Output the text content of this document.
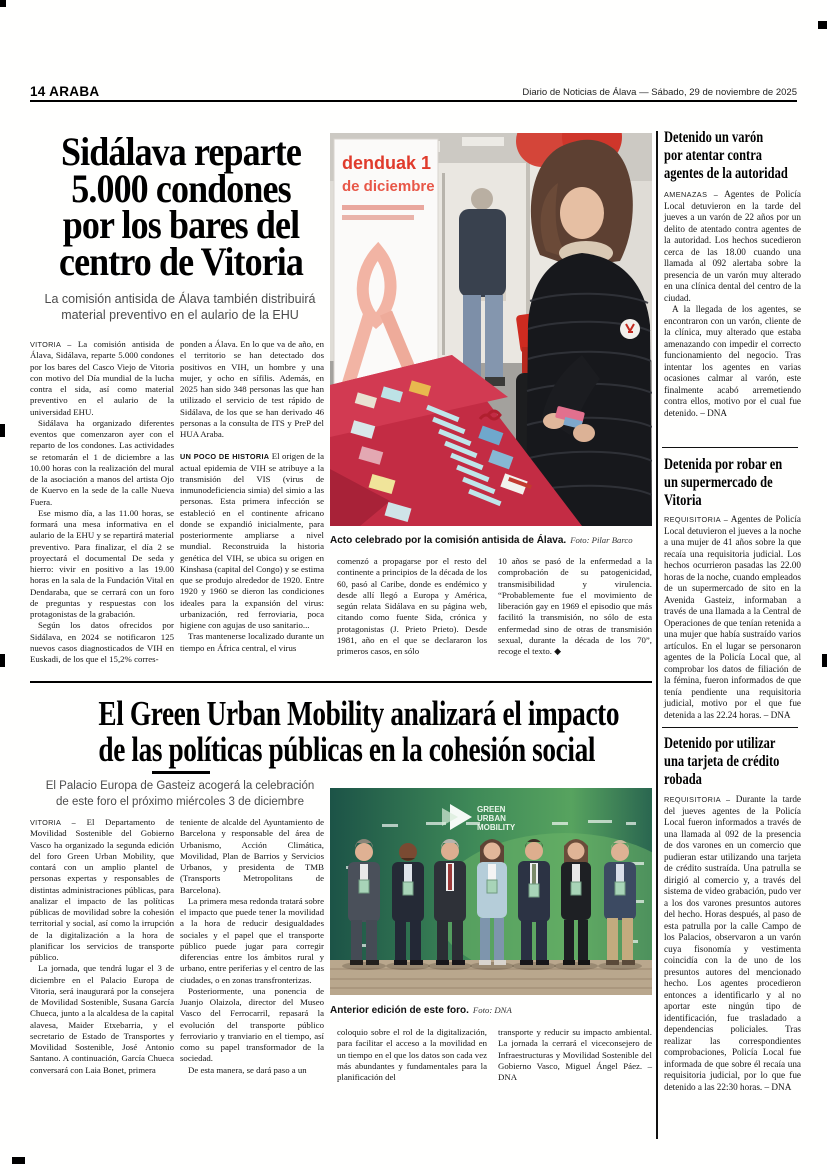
14 ARABA	Diario de Noticias de Álava — Sábado, 29 de noviembre de 2025
Sidálava reparte
5.000 condones
por los bares del
centro de Vitoria
La comisión antisida de Álava también distribuirá
material preventivo en el aulario de la EHU

VITORIA – La comisión antisida de Álava, Sidálava, reparte 5.000 condones por los bares del Casco Viejo de Vitoria con motivo del Día mundial de la lucha contra el sida, así como material preventivo en el aulario de la universidad EHU.

Sidálava ha organizado diferentes eventos que comenzaron ayer con el reparto de los condones. Las actividades se retomarán el 1 de diciembre a las 10.00 horas con la realización del mural de la asociación a manos del artista Ojo de Kuervo en la sede de la calle Nueva Fuera.

Ese mismo día, a las 11.00 horas, se formará una mesa informativa en el aulario de la EHU y se repartirá material preventivo. Para finalizar, el día 2 se proyectará el documental De seda y hierro: vivir en positivo a las 19.00 horas en la sala de la Fundación Vital en Dendaraba, que se cerrará con un foro de preguntas y respuestas con los protagonistas de la grabación.

Según los datos ofrecidos por Sidálava, en 2024 se notificaron 125 nuevos casos diagnosticados de VIH en Euskadi, de los que el 15,2% corres-

ponden a Álava. En lo que va de año, en el territorio se han detectado dos positivos en VIH, un hombre y una mujer, y ocho en sífilis. Además, en 2025 han sido 348 personas las que han utilizado el servicio de test rápido de Sidálava, de los que se han derivado 46 personas a la consulta de ITS y PreP del HUA Araba.

UN POCO DE HISTORIA El origen de la actual epidemia de VIH se atribuye a la transmisión del VIS (virus de inmunodeficiencia simia) del simio a las personas. Esta primera infección se estableció en el continente africano donde se expandió inicialmente, para posteriormente ampliarse a nivel mundial. Reconstruida la historia genética del VIH, se ubica su origen en Kinshasa (capital del Congo) y se estima que se produjo alrededor de 1920. Entre 1920 y 1960 se dieron las condiciones ideales para la expansión del virus: urbanización, red ferroviaria, poca higiene con agujas de uso sanitario...

Tras mantenerse localizado durante un tiempo en África central, el virus

denduak 1
de diciembre
Acto celebrado por la comisión antisida de Álava. Foto: Pilar Barco

comenzó a propagarse por el resto del continente a principios de la década de los 60, pasó al Caribe, donde es endémico y desde allí llegó a Europa y América, según relata Sidálava en su página web, citando como fuente Sida, crónica y protagonistas (J. Prieto Prieto). Desde 1981, año en el que se declararon los primeros casos, en sólo

10 años se pasó de la enfermedad a la comprobación de su patogenicidad, transmisibilidad y virulencia. “Probablemente fue el movimiento de liberación gay en 1969 el episodio que más facilitó la transmisión, no sólo de esta enfermedad sino de otras de transmisión sexual, durante la década de los 70”, recoge el texto. ◆

El Green Urban Mobility analizará el impacto
de las políticas públicas en la cohesión social
El Palacio Europa de Gasteiz acogerá la celebración
de este foro el próximo miércoles 3 de diciembre

VITORIA – El Departamento de Movilidad Sostenible del Gobierno Vasco ha organizado la segunda edición del foro Green Urban Mobility, que contará con un amplio plantel de personas expertas y responsables de distintas administraciones públicas, para analizar el impacto de las políticas públicas de movilidad sobre la cohesión territorial y social, así como la irrupción de la digitalización a la hora de planificar los servicios de transporte público.

La jornada, que tendrá lugar el 3 de diciembre en el Palacio Europa de Vitoria, será inaugurará por la consejera de Movilidad Sostenible, Susana García Chueca, junto a la alcaldesa de la capital alavesa, Maider Etxebarria, y el secretario de Estado de Transportes y Movilidad Sostenible, José Antonio Santano. A continuación, García Chueca conversará con Laia Bonet, primera

teniente de alcalde del Ayuntamiento de Barcelona y responsable del área de Urbanismo, Acción Climática, Movilidad, Plan de Barrios y Servicios Urbanos, y presidenta de TMB (Transports Metropolitans de Barcelona).

La primera mesa redonda tratará sobre el impacto que puede tener la movilidad a la hora de reducir desigualdades sociales y el papel que el transporte público puede jugar para corregir diferencias entre los ámbitos rural y urbano, entre periferias y el centro de las ciudades, o en zonas transfronterizas.

Posteriormente, una ponencia de Juanjo Olaizola, director del Museo Vasco del Ferrocarril, repasará la evolución del transporte público ferroviario y tranviario en el tiempo, así como su papel transformador de la sociedad.

De esta manera, se dará paso a un

GREEN
URBAN
MOBILITY
Anterior edición de este foro. Foto: DNA

coloquio sobre el rol de la digitalización, para facilitar el acceso a la movilidad en un tiempo en el que los datos son cada vez más abundantes y fundamentales para la planificación del

transporte y reducir su impacto ambiental. La jornada la cerrará el viceconsejero de Infraestructuras y Movilidad Sostenible del Gobierno Vasco, Miguel Ángel Páez. – DNA

Detenido un varón
por atentar contra
agentes de la autoridad

AMENAZAS – Agentes de Policía Local detuvieron en la tarde del jueves a un varón de 22 años por un delito de atentado contra agentes de la autoridad. Los hechos sucedieron cerca de las 18.00 cuando una llamada al 092 alertaba sobre la presencia de un varón muy alterado en una clínica dental del centro de la ciudad.

A la llegada de los agentes, se encontraron con un varón, cliente de la clínica, muy alterado que estaba amenazando con impedir el correcto funcionamiento del negocio. Tras intentar los agentes en varias ocasiones calmar al varón, este finalmente acabó arremetiendo contra ellos, motivo por el cual fue detenido. – DNA

Detenida por robar en
un supermercado de
Vitoria

REQUISITORIA – Agentes de Policía Local detuvieron el jueves a la noche a una mujer de 41 años sobre la que recaía una requisitoria judicial. Los hechos ocurrieron pasadas las 22.00 horas de la noche, cuando empleados de un supermercado de sito en la Avenida Gasteiz, informaban a través de una llamada a la Central de Operaciones de que tenían retenida a una mujer que había sustraído varios artículos. En el lugar se personaron agentes de la Policía Local que, al comprobar los datos de filiación de la fémina, fueron informados de que tenía pendiente una requisitoria judicial, motivo por el que fue detenida a las 22.24 horas. – DNA

Detenido por utilizar
una tarjeta de crédito
robada

REQUISITORIA – Durante la tarde del jueves agentes de la Policía Local fueron informados a través de una llamada al 092 de la presencia de dos varones en un comercio que pudieran estar utilizando una tarjeta de crédito sustraída. Una patrulla se dirigió al comercio y, a través del sistema de video grabación, pudo ver a los dos varones presuntos autores del hecho. Horas después, al paso de esta patrulla por la calle Campo de los Palacios, observaron a un varón cuya fisonomía y vestimenta coincidía con la de uno de los presuntos autores del mencionado hecho. Los agentes procedieron entonces a identificarlo y al no aportar este ningún tipo de identificación, fue trasladado a dependencias policiales. Tras realizar las correspondientes comprobaciones, Policía Local fue informada de que sobre él recaía una requisitoria judicial, por lo que fue detenido a las 22:30 horas. – DNA
